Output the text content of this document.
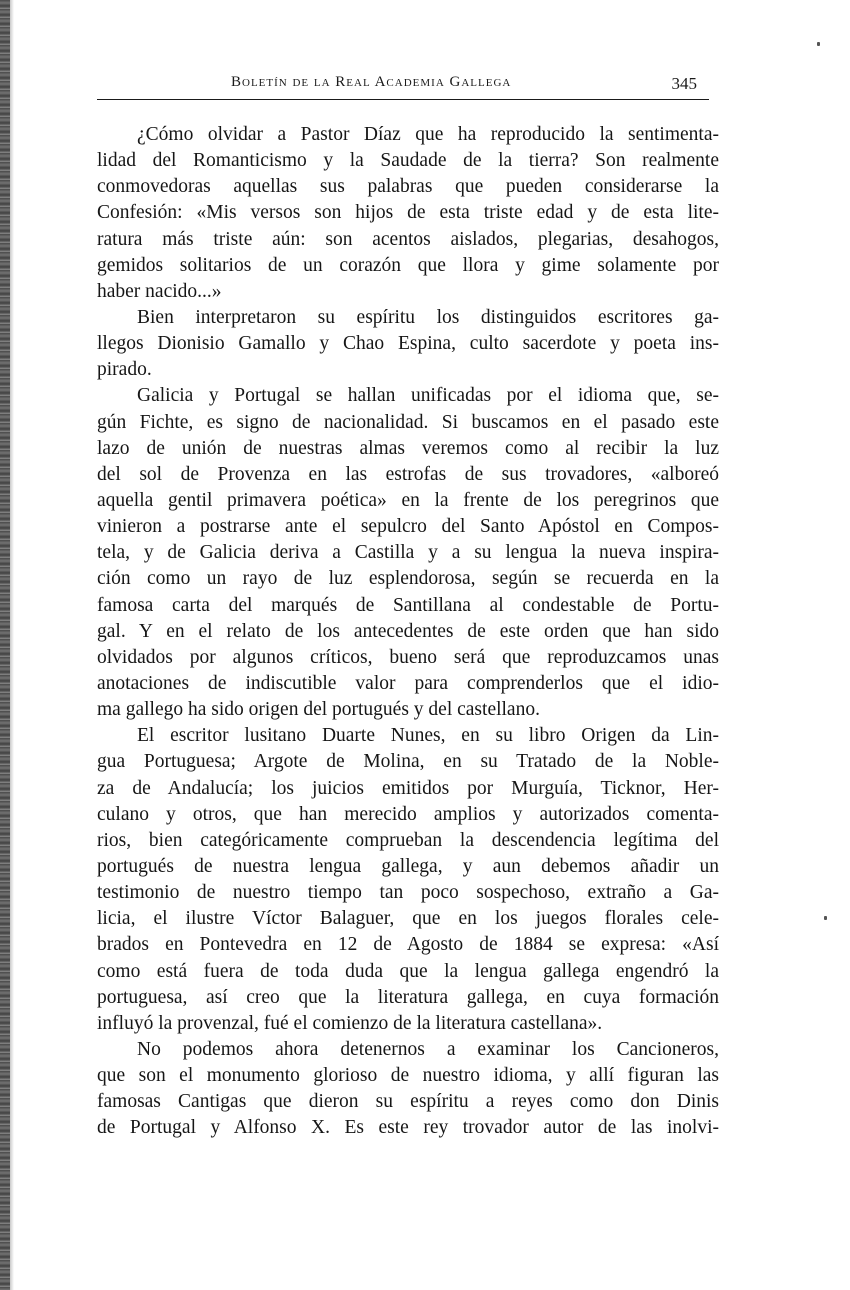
Boletín de la Real Academia Gallega	345
¿Cómo olvidar a Pastor Díaz que ha reproducido la sentimenta-
lidad del Romanticismo y la Saudade de la tierra? Son realmente
conmovedoras aquellas sus palabras que pueden considerarse la
Confesión: «Mis versos son hijos de esta triste edad y de esta lite-
ratura más triste aún: son acentos aislados, plegarias, desahogos,
gemidos solitarios de un corazón que llora y gime solamente por
haber nacido...»
Bien interpretaron su espíritu los distinguidos escritores ga-
llegos Dionisio Gamallo y Chao Espina, culto sacerdote y poeta ins-
pirado.
Galicia y Portugal se hallan unificadas por el idioma que, se-
gún Fichte, es signo de nacionalidad. Si buscamos en el pasado este
lazo de unión de nuestras almas veremos como al recibir la luz
del sol de Provenza en las estrofas de sus trovadores, «alboreó
aquella gentil primavera poética» en la frente de los peregrinos que
vinieron a postrarse ante el sepulcro del Santo Apóstol en Compos-
tela, y de Galicia deriva a Castilla y a su lengua la nueva inspira-
ción como un rayo de luz esplendorosa, según se recuerda en la
famosa carta del marqués de Santillana al condestable de Portu-
gal. Y en el relato de los antecedentes de este orden que han sido
olvidados por algunos críticos, bueno será que reproduzcamos unas
anotaciones de indiscutible valor para comprenderlos que el idio-
ma gallego ha sido origen del portugués y del castellano.
El escritor lusitano Duarte Nunes, en su libro Origen da Lin-
gua Portuguesa; Argote de Molina, en su Tratado de la Noble-
za de Andalucía; los juicios emitidos por Murguía, Ticknor, Her-
culano y otros, que han merecido amplios y autorizados comenta-
rios, bien categóricamente comprueban la descendencia legítima del
portugués de nuestra lengua gallega, y aun debemos añadir un
testimonio de nuestro tiempo tan poco sospechoso, extraño a Ga-
licia, el ilustre Víctor Balaguer, que en los juegos florales cele-
brados en Pontevedra en 12 de Agosto de 1884 se expresa: «Así
como está fuera de toda duda que la lengua gallega engendró la
portuguesa, así creo que la literatura gallega, en cuya formación
influyó la provenzal, fué el comienzo de la literatura castellana».
No podemos ahora detenernos a examinar los Cancioneros,
que son el monumento glorioso de nuestro idioma, y allí figuran las
famosas Cantigas que dieron su espíritu a reyes como don Dinis
de Portugal y Alfonso X. Es este rey trovador autor de las inolvi-
